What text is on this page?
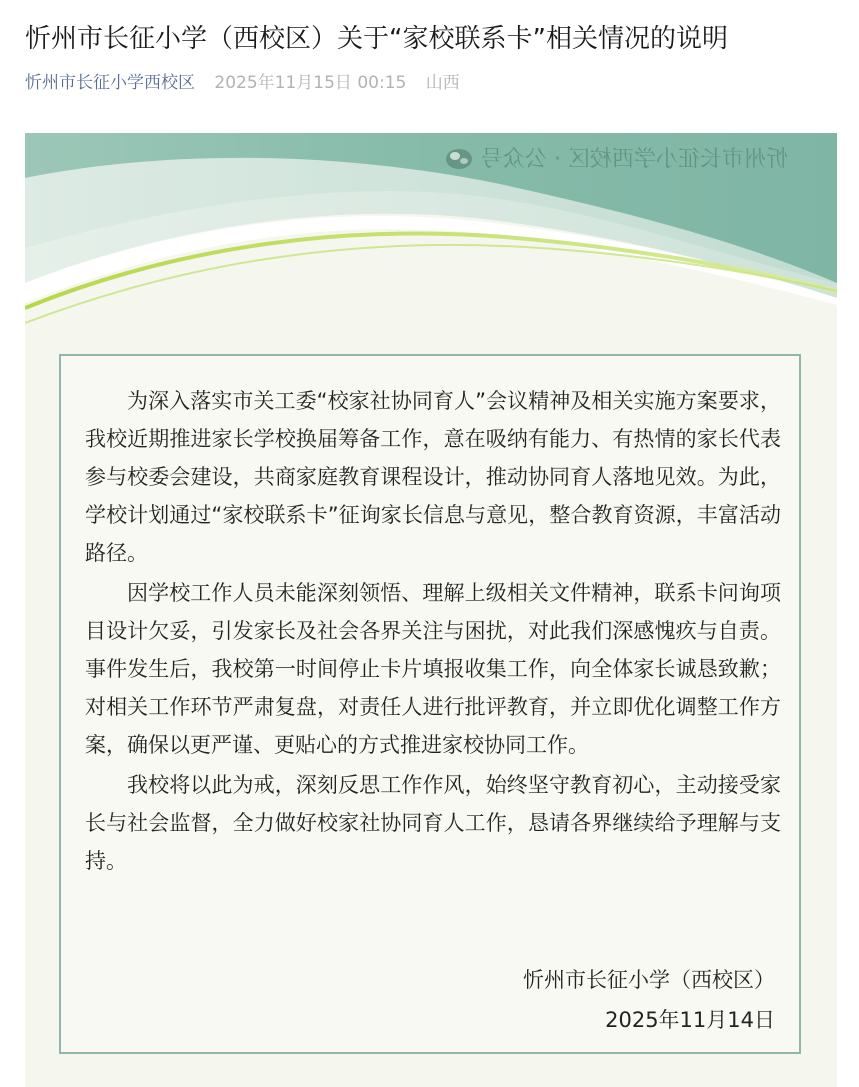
忻州市长征小学（西校区）关于“家校联系卡”相关情况的说明
忻州市长征小学西校区 2025年11月15日 00:15 山西
忻州市长征小学西校区 · 公众号

为深入落实市关工委“校家社协同育人”会议精神及相关实施方案要求，我校近期推进家长学校换届筹备工作，意在吸纳有能力、有热情的家长代表参与校委会建设，共商家庭教育课程设计，推动协同育人落地见效。为此，学校计划通过“家校联系卡”征询家长信息与意见，整合教育资源，丰富活动路径。

因学校工作人员未能深刻领悟、理解上级相关文件精神，联系卡问询项目设计欠妥，引发家长及社会各界关注与困扰，对此我们深感愧疚与自责。事件发生后，我校第一时间停止卡片填报收集工作，向全体家长诚恳致歉；对相关工作环节严肃复盘，对责任人进行批评教育，并立即优化调整工作方案，确保以更严谨、更贴心的方式推进家校协同工作。

我校将以此为戒，深刻反思工作作风，始终坚守教育初心，主动接受家长与社会监督，全力做好校家社协同育人工作，恳请各界继续给予理解与支持。

忻州市长征小学（西校区）
2025年11月14日
